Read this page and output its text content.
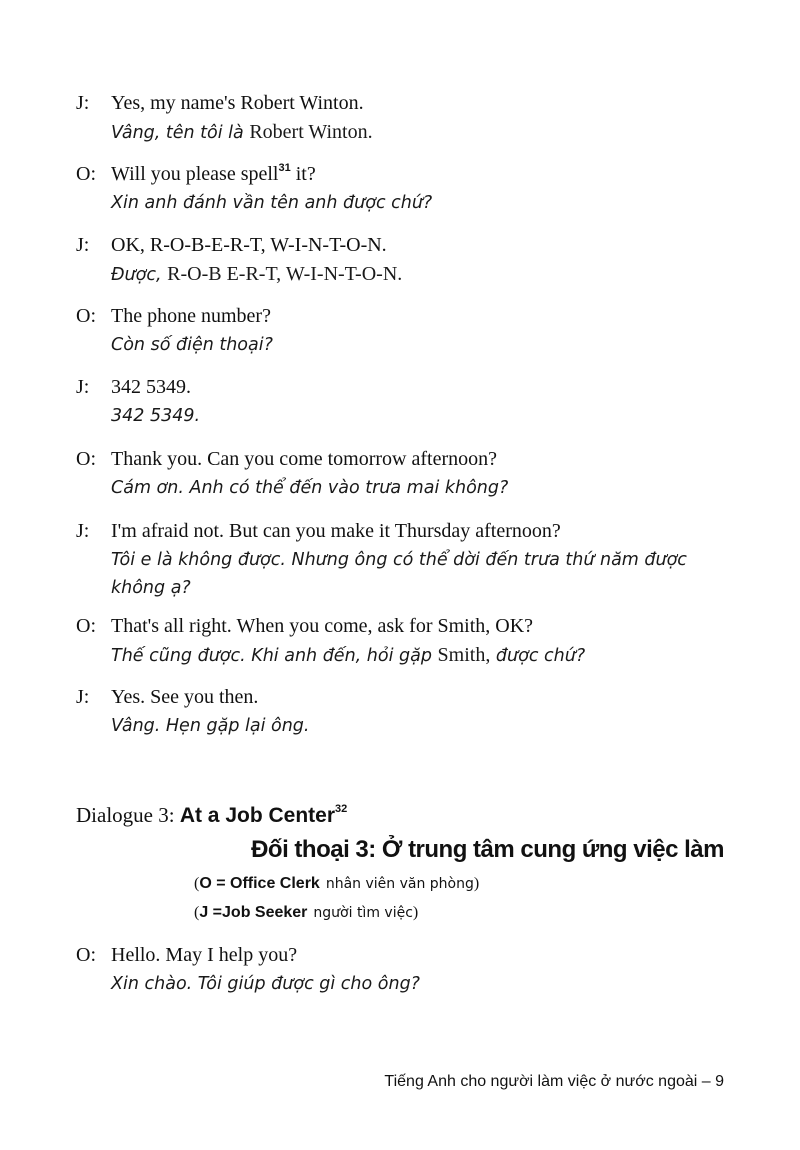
J: Yes, my name's Robert Winton.
Vâng, tên tôi là Robert Winton.
O: Will you please spell$^{31}$ it?
Xin anh đánh vần tên anh được chứ?
J: OK, R-O-B-E-R-T, W-I-N-T-O-N.
Được, R-O-B E-R-T, W-I-N-T-O-N.
O: The phone number?
Còn số điện thoại?
J: 342 5349.
342 5349.
O: Thank you. Can you come tomorrow afternoon?
Cám ơn. Anh có thể đến vào trưa mai không?
J: I'm afraid not. But can you make it Thursday afternoon?
Tôi e là không được. Nhưng ông có thể dời đến trưa thứ năm được
không ạ?
O: That's all right. When you come, ask for Smith, OK?
Thế cũng được. Khi anh đến, hỏi gặp Smith, được chứ?
J: Yes. See you then.
Vâng. Hẹn gặp lại ông.
Dialogue 3: At a Job Center$^{32}$
Đối thoại 3: Ở trung tâm cung ứng việc làm
(O = Office Clerk nhân viên văn phòng)
(J =Job Seeker người tìm việc)
O: Hello. May I help you?
Xin chào. Tôi giúp được gì cho ông?
Tiếng Anh cho người làm việc ở nước ngoài – 9
